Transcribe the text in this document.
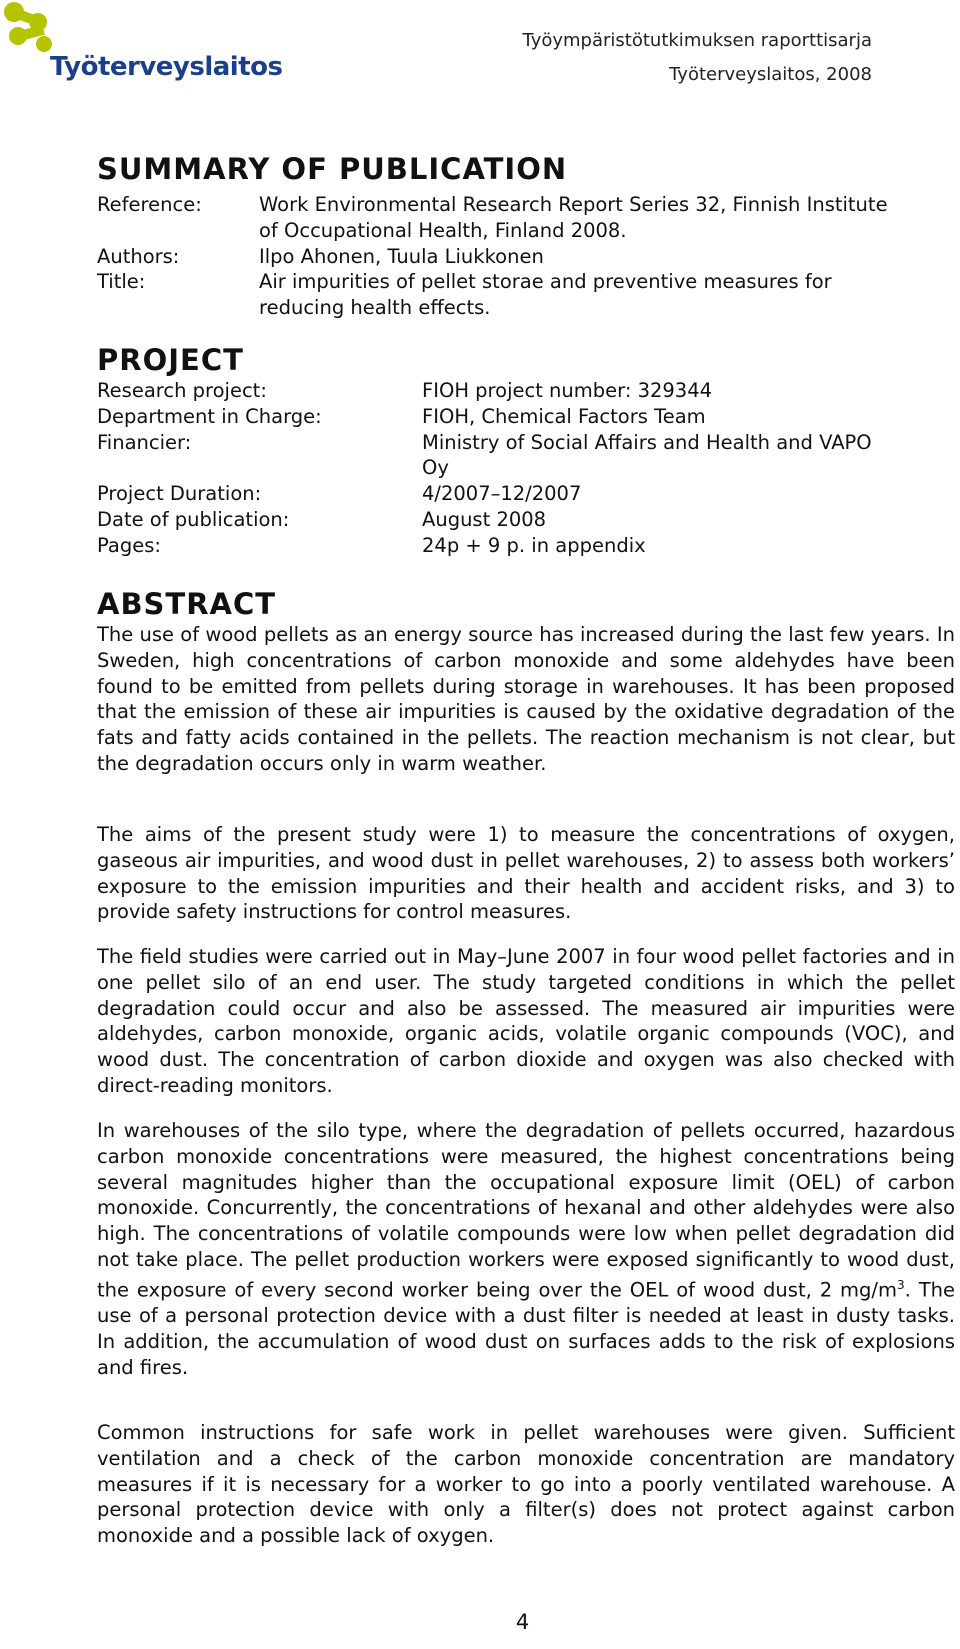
Työterveyslaitos
Työympäristötutkimuksen raporttisarja
Työterveyslaitos, 2008
SUMMARY OF PUBLICATION
Reference:	Work Environmental Research Report Series 32, Finnish Institute of Occupational Health, Finland 2008.
Authors:	Ilpo Ahonen, Tuula Liukkonen
Title:	Air impurities of pellet storae and preventive measures for reducing health effects.
PROJECT
Research project:	FIOH project number: 329344
Department in Charge:	FIOH, Chemical Factors Team
Financier:	Ministry of Social Affairs and Health and VAPO Oy
Project Duration:	4/2007–12/2007
Date of publication:	August 2008
Pages:	24p + 9 p. in appendix
ABSTRACT

The use of wood pellets as an energy source has increased during the last few years. In Sweden, high concentrations of carbon monoxide and some aldehydes have been found to be emitted from pellets during storage in warehouses. It has been proposed that the emission of these air impurities is caused by the oxidative degradation of the fats and fatty acids contained in the pellets. The reaction mechanism is not clear, but the degradation occurs only in warm weather.

The aims of the present study were 1) to measure the concentrations of oxygen, gaseous air impurities, and wood dust in pellet warehouses, 2) to assess both workers’ exposure to the emission impurities and their health and accident risks, and 3) to provide safety instructions for control measures.

The field studies were carried out in May–June 2007 in four wood pellet factories and in one pellet silo of an end user. The study targeted conditions in which the pellet degradation could occur and also be assessed. The measured air impurities were aldehydes, carbon monoxide, organic acids, volatile organic compounds (VOC), and wood dust. The concentration of carbon dioxide and oxygen was also checked with direct-reading monitors.

In warehouses of the silo type, where the degradation of pellets occurred, hazardous carbon monoxide concentrations were measured, the highest concentrations being several magnitudes higher than the occupational exposure limit (OEL) of carbon monoxide. Concurrently, the concentrations of hexanal and other aldehydes were also high. The concentrations of volatile compounds were low when pellet degradation did not take place. The pellet production workers were exposed significantly to wood dust, the exposure of every second worker being over the OEL of wood dust, 2 $mg/m^3$. The use of a personal protection device with a dust filter is needed at least in dusty tasks. In addition, the accumulation of wood dust on surfaces adds to the risk of explosions and fires.

Common instructions for safe work in pellet warehouses were given. Sufficient ventilation and a check of the carbon monoxide concentration are mandatory measures if it is necessary for a worker to go into a poorly ventilated warehouse. A personal protection device with only a filter(s) does not protect against carbon monoxide and a possible lack of oxygen.

4
